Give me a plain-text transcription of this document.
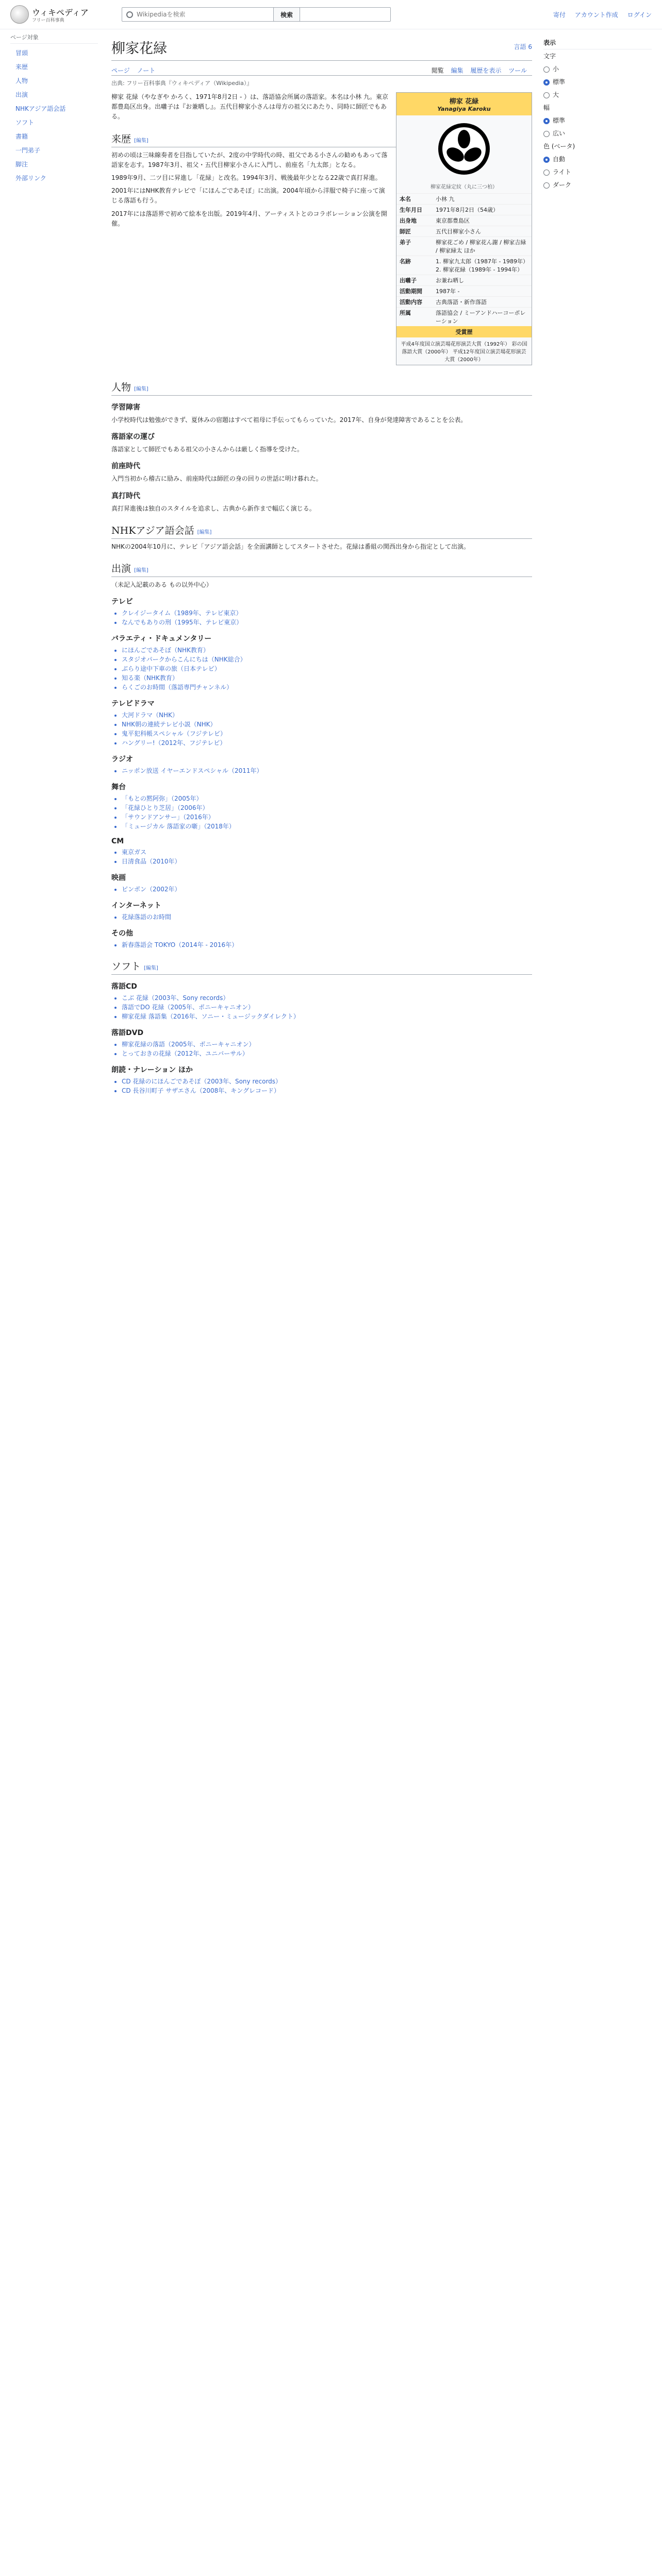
ウィキペディア
フリー百科事典
Wikipediaを検索
検索	寄付 アカウント作成 ログイン
ページ対象
冒頭
来歴
人物
出演
NHKアジア語会話
ソフト
書籍
一門弟子
脚注
外部リンク
表示
文字
小
標準
大
幅
標準
広い
色 (ベータ)
自動
ライト
ダーク
柳家花緑	言語 6
ページ ノート	閲覧 編集 履歴を表示 ツール
出典: フリー百科事典『ウィキペディア（Wikipedia）』
柳家 花緑
Yanagiya Karoku
柳家花緑定紋（丸に三つ柏）
本名	小林 九
生年月日	1971年8月2日（54歳）
出身地	東京都豊島区
師匠	五代目柳家小さん
弟子	柳家花ごめ / 柳家花ん謝 / 柳家吉緑 / 柳家緑太 ほか
名跡	1. 柳家九太郎（1987年 - 1989年）2. 柳家花緑（1989年 - 1994年）
出囃子	お兼ね晒し
活動期間	1987年 -
活動内容	古典落語・新作落語
所属	落語協会 / ミーアンドハーコーポレーション
受賞歴
平成4年度国立演芸場花形演芸大賞（1992年） 彩の国落語大賞（2000年） 平成12年度国立演芸場花形演芸大賞（2000年）

柳家 花緑（やなぎや かろく、1971年8月2日 - ）は、落語協会所属の落語家。本名は小林 九。東京都豊島区出身。出囃子は『お兼晒し』。五代目柳家小さんは母方の祖父にあたり、同時に師匠でもある。

来歴 [編集]

初めの頃は三味線奏者を目指していたが、2度の中学時代の時、祖父である小さんの勧めもあって落語家を志す。1987年3月、祖父・五代目柳家小さんに入門し、前座名「九太郎」となる。

1989年9月、二ツ目に昇進し「花緑」と改名。1994年3月、戦後最年少となる22歳で真打昇進。

2001年にはNHK教育テレビで「にほんごであそぼ」に出演。2004年頃から洋服で椅子に座って演じる落語も行う。

2017年には落語界で初めて絵本を出版。2019年4月、アーティストとのコラボレーション公演を開催。

人物 [編集]
学習障害

小学校時代は勉強ができず、夏休みの宿題はすべて祖母に手伝ってもらっていた。2017年、自身が発達障害であることを公表。

落語家の運び

落語家として師匠でもある祖父の小さんからは厳しく指導を受けた。

前座時代

入門当初から稽古に励み、前座時代は師匠の身の回りの世話に明け暮れた。

真打時代

真打昇進後は独自のスタイルを追求し、古典から新作まで幅広く演じる。

NHKアジア語会話 [編集]

NHKの2004年10月に、テレビ「アジア語会話」を全面講師としてスタートさせた。花緑は番組の関西出身から指定として出演。

出演 [編集]

（未記入記載のある もの以外中心）

テレビ
• クレイジータイム（1989年、テレビ東京）
• なんでもありの刑（1995年、テレビ東京）
バラエティ・ドキュメンタリー
• にほんごであそぼ（NHK教育）
• スタジオパークからこんにちは（NHK総合）
• ぶらり途中下車の旅（日本テレビ）
• 知る楽（NHK教育）
• らくごのお時間（落語専門チャンネル）
テレビドラマ
• 大河ドラマ（NHK）
• NHK朝の連続テレビ小説（NHK）
• 鬼平犯科帳スペシャル（フジテレビ）
• ハングリー!（2012年、フジテレビ）
ラジオ
• ニッポン放送 イヤーエンドスペシャル（2011年）
舞台
• 「もとの黙阿弥」（2005年）
• 「花緑ひとり芝居」（2006年）
• 「サウンドアンサー」（2016年）
• 「ミュージカル 落語家の噺」（2018年）
CM
• 東京ガス
• 日清食品（2010年）
映画
• ピンポン（2002年）
インターネット
• 花緑落語のお時間
その他
• 新春落語会 TOKYO（2014年 - 2016年）
ソフト [編集]
落語CD
• こぶ 花緑（2003年、Sony records）
• 落語でDO 花緑（2005年、ポニーキャニオン）
• 柳家花緑 落語集（2016年、ソニー・ミュージックダイレクト）
落語DVD
• 柳家花緑の落語（2005年、ポニーキャニオン）
• とっておきの花緑（2012年、ユニバーサル）
朗読・ナレーション ほか
• CD 花緑のにほんごであそぼ（2003年、Sony records）
• CD 長谷川町子 サザエさん（2008年、キングレコード）
